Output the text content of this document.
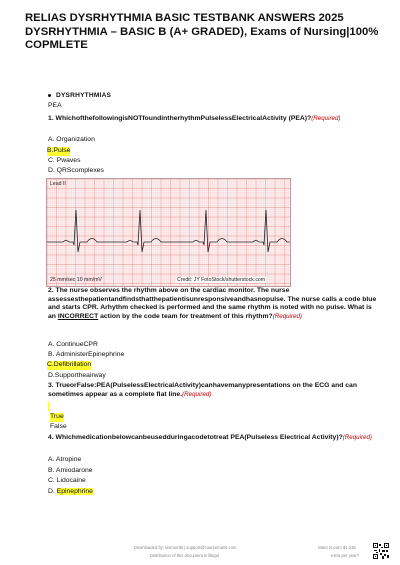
RELIAS DYSRHYTHMIA BASIC TESTBANK ANSWERS 2025 DYSRHYTHMIA – BASIC B (A+ GRADED), Exams of Nursing|100% COPMLETE
DYSRHYTHMIAS
PEA
1. WhichofthefollowingisNOTfoundintherhythmPulselessElectricalActivity (PEA)?(Required)
A. Organization
B.Pulse
C. Pwaves
D. QRScomplexes
Lead II
25 mm/sec 10 mm/mV	Credit: JY FotoStock/shutterstock.com
2. The nurse observes the rhythm above on the cardiac monitor. The nurse assessesthepatientandfindsthatthepatientisunresponsiveandhasnopulse. The nurse calls a code blue and starts CPR. Arhythm checked is performed and the same rhythm is noted with no pulse. What is an INCORRECT action by the code team for treatment of this rhythm?(Required)
A. ContinueCPR
B. AdministerEpinephrine
C.Defibrillation
D.Supportheairway
3. TrueorFalse:PEA(PulselessElectricalActivity)canhavemanypresentations on the ECG and can sometimes appear as a complete flat line.(Required)
True
False
4. Whichmedicationbelowcanbeusedduringacodetotreat PEA(Pulseless Electrical Activity)?(Required)
A. Atropine
B. Amiodarone
C. Lidocaine
D. Epinephrine
Downloaded by: kismumbl | support@coursemanit.com
Distribution of this document is illegal
Want to earn $1.236
extra per year?
